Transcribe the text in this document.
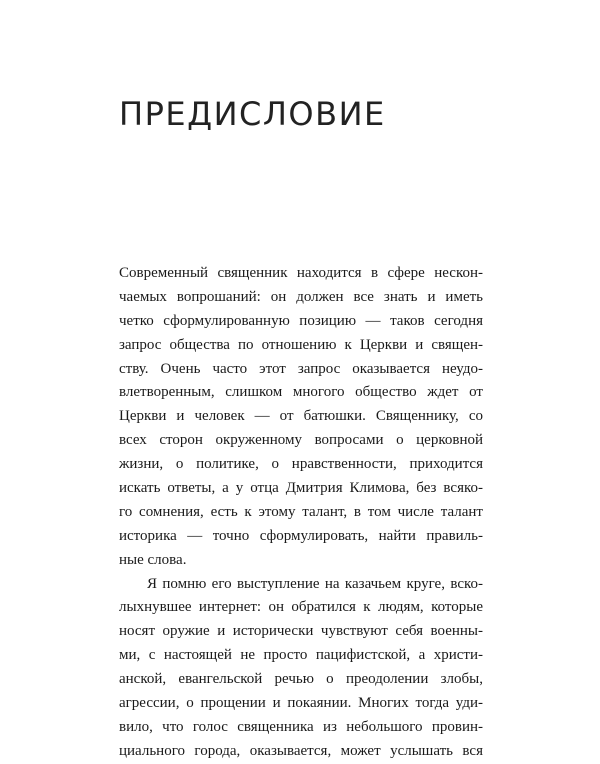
ПРЕДИСЛОВИЕ
Современный священник находится в сфере нескон-
чаемых вопрошаний: он должен все знать и иметь
четко сформулированную позицию — таков сегодня
запрос общества по отношению к Церкви и священ-
ству. Очень часто этот запрос оказывается неудо-
влетворенным, слишком многого общество ждет от
Церкви и человек — от батюшки. Священнику, со
всех сторон окруженному вопросами о церковной
жизни, о политике, о нравственности, приходится
искать ответы, а у отца Дмитрия Климова, без всяко-
го сомнения, есть к этому талант, в том числе талант
историка — точно сформулировать, найти правиль-
ные слова.
Я помню его выступление на казачьем круге, вско-
лыхнувшее интернет: он обратился к людям, которые
носят оружие и исторически чувствуют себя военны-
ми, с настоящей не просто пацифистской, а христи-
анской, евангельской речью о преодолении злобы,
агрессии, о прощении и покаянии. Многих тогда уди-
вило, что голос священника из небольшого провин-
циального города, оказывается, может услышать вся
